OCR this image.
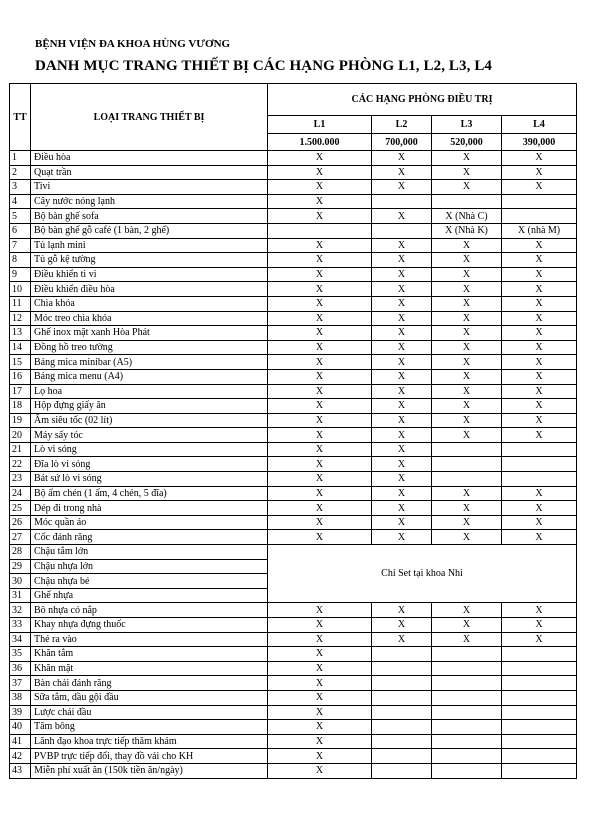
BỆNH VIỆN ĐA KHOA HÙNG VƯƠNG
DANH MỤC TRANG THIẾT BỊ CÁC HẠNG PHÒNG L1, L2, L3, L4
TT	LOẠI TRANG THIẾT BỊ	CÁC HẠNG PHÒNG ĐIỀU TRỊ			
		L1	L2	L3	L4
		1.500.000	700,000	520,000	390,000
1	Điều hòa	X	X	X	X
2	Quạt trần	X	X	X	X
3	Tivi	X	X	X	X
4	Cây nước nóng lạnh	X			
5	Bộ bàn ghế sofa	X	X	X (Nhà C)	
6	Bộ bàn ghế gỗ café (1 bàn, 2 ghế)			X (Nhà K)	X (nhà M)
7	Tủ lạnh mini	X	X	X	X
8	Tủ gỗ kệ tường	X	X	X	X
9	Điều khiển ti vi	X	X	X	X
10	Điều khiển điều hòa	X	X	X	X
11	Chìa khóa	X	X	X	X
12	Móc treo chìa khóa	X	X	X	X
13	Ghế inox mặt xanh Hòa Phát	X	X	X	X
14	Đồng hồ treo tường	X	X	X	X
15	Bảng mica minibar (A5)	X	X	X	X
16	Bảng mica menu (A4)	X	X	X	X
17	Lọ hoa	X	X	X	X
18	Hộp đựng giấy ăn	X	X	X	X
19	Ấm siêu tốc (02 lít)	X	X	X	X
20	Máy sấy tóc	X	X	X	X
21	Lò vi sóng	X	X		
22	Đĩa lò vi sóng	X	X		
23	Bát sứ lò vi sóng	X	X		
24	Bộ ấm chén (1 ấm, 4 chén, 5 đĩa)	X	X	X	X
25	Dép đi trong nhà	X	X	X	X
26	Móc quần áo	X	X	X	X
27	Cốc đánh răng	X	X	X	X
28	Chậu tắm lớn	Chỉ Set tại khoa Nhi			
29	Chậu nhựa lớn				
30	Chậu nhựa bé				
31	Ghế nhựa				
32	Bô nhựa có nắp	X	X	X	X
33	Khay nhựa đựng thuốc	X	X	X	X
34	Thẻ ra vào	X	X	X	X
35	Khăn tắm	X			
36	Khăn mặt	X			
37	Bàn chải đánh răng	X			
38	Sữa tắm, dầu gội đầu	X			
39	Lược chải đầu	X			
40	Tăm bông	X			
41	Lãnh đạo khoa trực tiếp thăm khám	X			
42	PVBP trực tiếp đổi, thay đồ vải cho KH	X			
43	Miễn phí xuất ăn (150k tiền ăn/ngày)	X			
